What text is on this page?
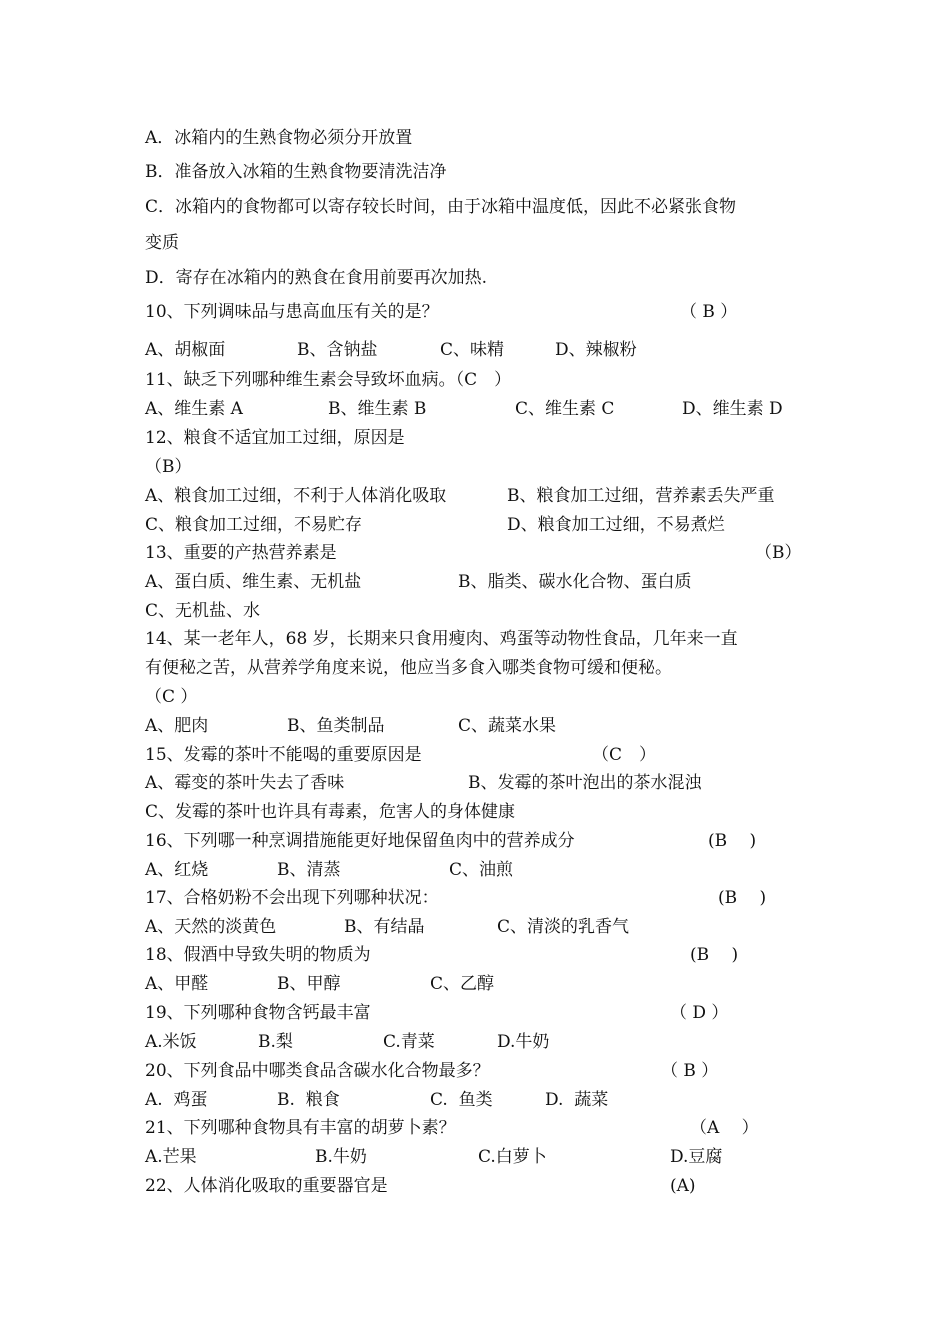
A．冰箱内的生熟食物必须分开放置

B．准备放入冰箱的生熟食物要清洗洁净

C．冰箱内的食物都可以寄存较长时间，由于冰箱中温度低，因此不必紧张食物

变质

D．寄存在冰箱内的熟食在食用前要再次加热.

10、下列调味品与患高血压有关的是？	（ B ）
A、胡椒面	B、含钠盐	C、味精	D、辣椒粉

11、缺乏下列哪种维生素会导致坏血病。（C　）

A、维生素 A	B、维生素 B	C、维生素 C	D、维生素 D

12、粮食不适宜加工过细，原因是

（B）
A、粮食加工过细，不利于人体消化吸取	B、粮食加工过细，营养素丢失严重
C、粮食加工过细，不易贮存	D、粮食加工过细，不易煮烂

13、重要的产热营养素是	（B）
A、蛋白质、维生素、无机盐	B、脂类、碳水化合物、蛋白质
C、无机盐、水

14、某一老年人，68 岁，长期来只食用瘦肉、鸡蛋等动物性食品，几年来一直

有便秘之苦，从营养学角度来说，他应当多食入哪类食物可缓和便秘。

（C ）
A、肥肉	B、鱼类制品	C、蔬菜水果

15、发霉的茶叶不能喝的重要原因是	（C　）
A、霉变的茶叶失去了香味	B、发霉的茶叶泡出的茶水混浊
C、发霉的茶叶也许具有毒素，危害人的身体健康

16、下列哪一种烹调措施能更好地保留鱼肉中的营养成分	(B　 )
A、红烧	B、清蒸	C、油煎

17、合格奶粉不会出现下列哪种状况：	(B　 )
A、天然的淡黄色	B、有结晶	C、清淡的乳香气

18、假酒中导致失明的物质为	(B　 )
A、甲醛	B、甲醇	C、乙醇

19、下列哪种食物含钙最丰富	（ D ）
A.米饭	B.梨	C.青菜	D.牛奶

20、下列食品中哪类食品含碳水化合物最多？	（ B ）
A.  鸡蛋	B.  粮食	C.  鱼类	D.  蔬菜

21、下列哪种食物具有丰富的胡萝卜素？	（A　 ）
A.芒果	B.牛奶	C.白萝卜	D.豆腐

22、人体消化吸取的重要器官是	(A)
